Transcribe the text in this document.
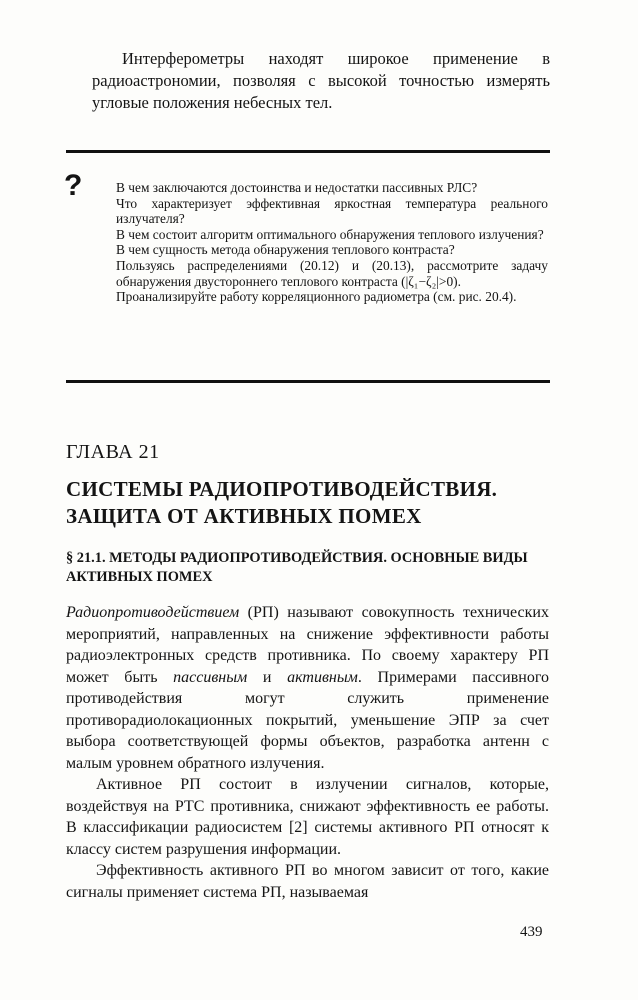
Интерферометры находят широкое применение в радиоастрономии, позволяя с высокой точностью измерять угловые положения небесных тел.

?	В чем заключаются достоинства и недостатки пассивных РЛС?
Что характеризует эффективная яркостная температура реального излучателя?
В чем состоит алгоритм оптимального обнаружения теплового излучения?
В чем сущность метода обнаружения теплового контраста?
Пользуясь распределениями (20.12) и (20.13), рассмотрите задачу обнаружения двустороннего теплового контраста (|ζ₁−ζ₂|>0).
Проанализируйте работу корреляционного радиометра (см. рис. 20.4).
ГЛАВА 21
СИСТЕМЫ РАДИОПРОТИВОДЕЙСТВИЯ. ЗАЩИТА ОТ АКТИВНЫХ ПОМЕХ
§ 21.1. МЕТОДЫ РАДИОПРОТИВОДЕЙСТВИЯ. ОСНОВНЫЕ ВИДЫ АКТИВНЫХ ПОМЕХ

Радиопротиводействием (РП) называют совокупность технических мероприятий, направленных на снижение эффективности работы радиоэлектронных средств противника. По своему характеру РП может быть пассивным и активным. Примерами пассивного противодействия могут служить применение противорадиолокационных покрытий, уменьшение ЭПР за счет выбора соответствующей формы объектов, разработка антенн с малым уровнем обратного излучения.

Активное РП состоит в излучении сигналов, которые, воздействуя на РТС противника, снижают эффективность ее работы. В классификации радиосистем [2] системы активного РП относят к классу систем разрушения информации.

Эффективность активного РП во многом зависит от того, какие сигналы применяет система РП, называемая

439
